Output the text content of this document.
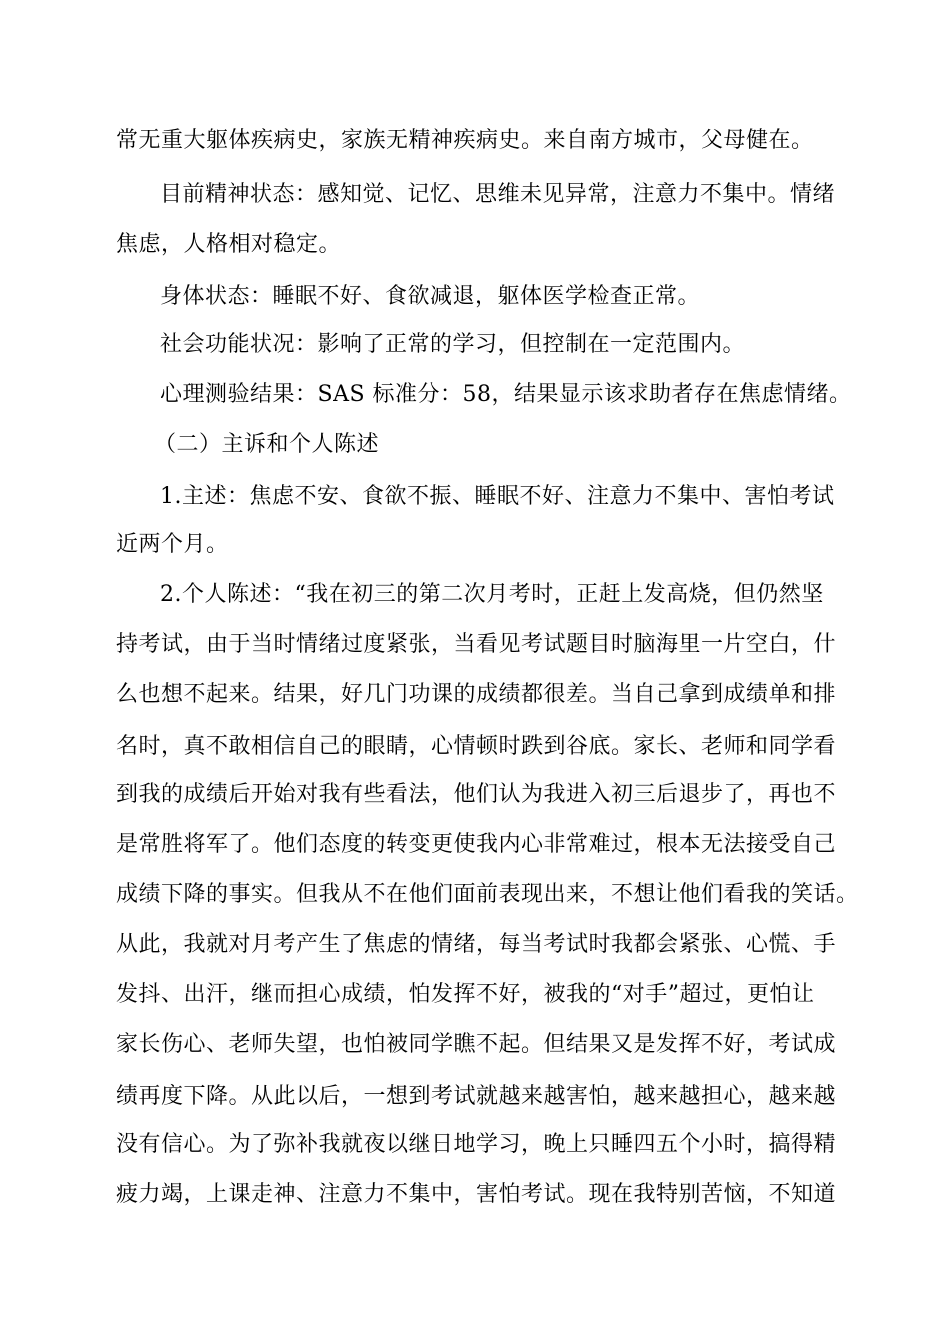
常无重大躯体疾病史，家族无精神疾病史。来自南方城市，父母健在。
目前精神状态：感知觉、记忆、思维未见异常，注意力不集中。情绪
焦虑，人格相对稳定。
身体状态：睡眠不好、食欲减退，躯体医学检查正常。
社会功能状况：影响了正常的学习，但控制在一定范围内。
心理测验结果：SAS 标准分：58，结果显示该求助者存在焦虑情绪。
（二）主诉和个人陈述
1.主述：焦虑不安、食欲不振、睡眠不好、注意力不集中、害怕考试
近两个月。
2.个人陈述：“我在初三的第二次月考时，正赶上发高烧，但仍然坚
持考试，由于当时情绪过度紧张，当看见考试题目时脑海里一片空白，什
么也想不起来。结果，好几门功课的成绩都很差。当自己拿到成绩单和排
名时，真不敢相信自己的眼睛，心情顿时跌到谷底。家长、老师和同学看
到我的成绩后开始对我有些看法，他们认为我进入初三后退步了，再也不
是常胜将军了。他们态度的转变更使我内心非常难过，根本无法接受自己
成绩下降的事实。但我从不在他们面前表现出来，不想让他们看我的笑话。
从此，我就对月考产生了焦虑的情绪，每当考试时我都会紧张、心慌、手
发抖、出汗，继而担心成绩，怕发挥不好，被我的“对手”超过，更怕让
家长伤心、老师失望，也怕被同学瞧不起。但结果又是发挥不好，考试成
绩再度下降。从此以后，一想到考试就越来越害怕，越来越担心，越来越
没有信心。为了弥补我就夜以继日地学习，晚上只睡四五个小时，搞得精
疲力竭，上课走神、注意力不集中，害怕考试。现在我特别苦恼，不知道
